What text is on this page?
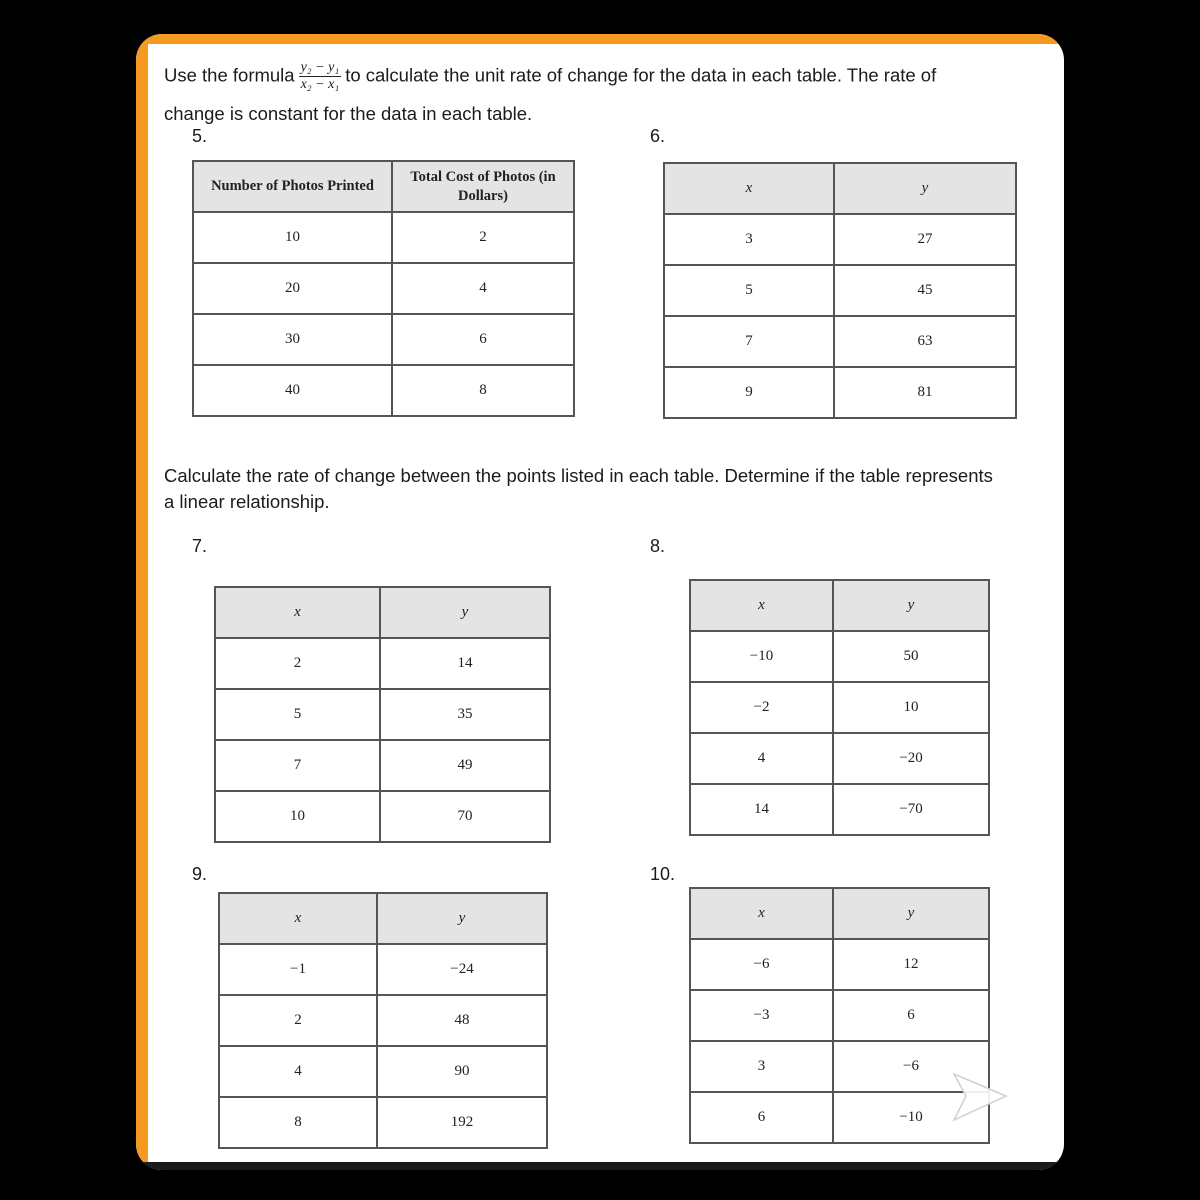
Use the formula $\frac{\text{y₂ − y₁}}{\text{x₂ − x₁}}$ to calculate the unit rate of change for the data in each table. The rate of
change is constant for the data in each table.
5.	6.
Number of Photos Printed	Total Cost of Photos (in Dollars)
10	2
20	4
30	6
40	8
x	y
3	27
5	45
7	63
9	81
Calculate the rate of change between the points listed in each table. Determine if the table represents
a linear relationship.
7.	8.
x	y
2	14
5	35
7	49
10	70
x	y
−10	50
−2	10
4	−20
14	−70
9.	10.
x	y
−1	−24
2	48
4	90
8	192
x	y
−6	12
−3	6
3	−6
6	−10
